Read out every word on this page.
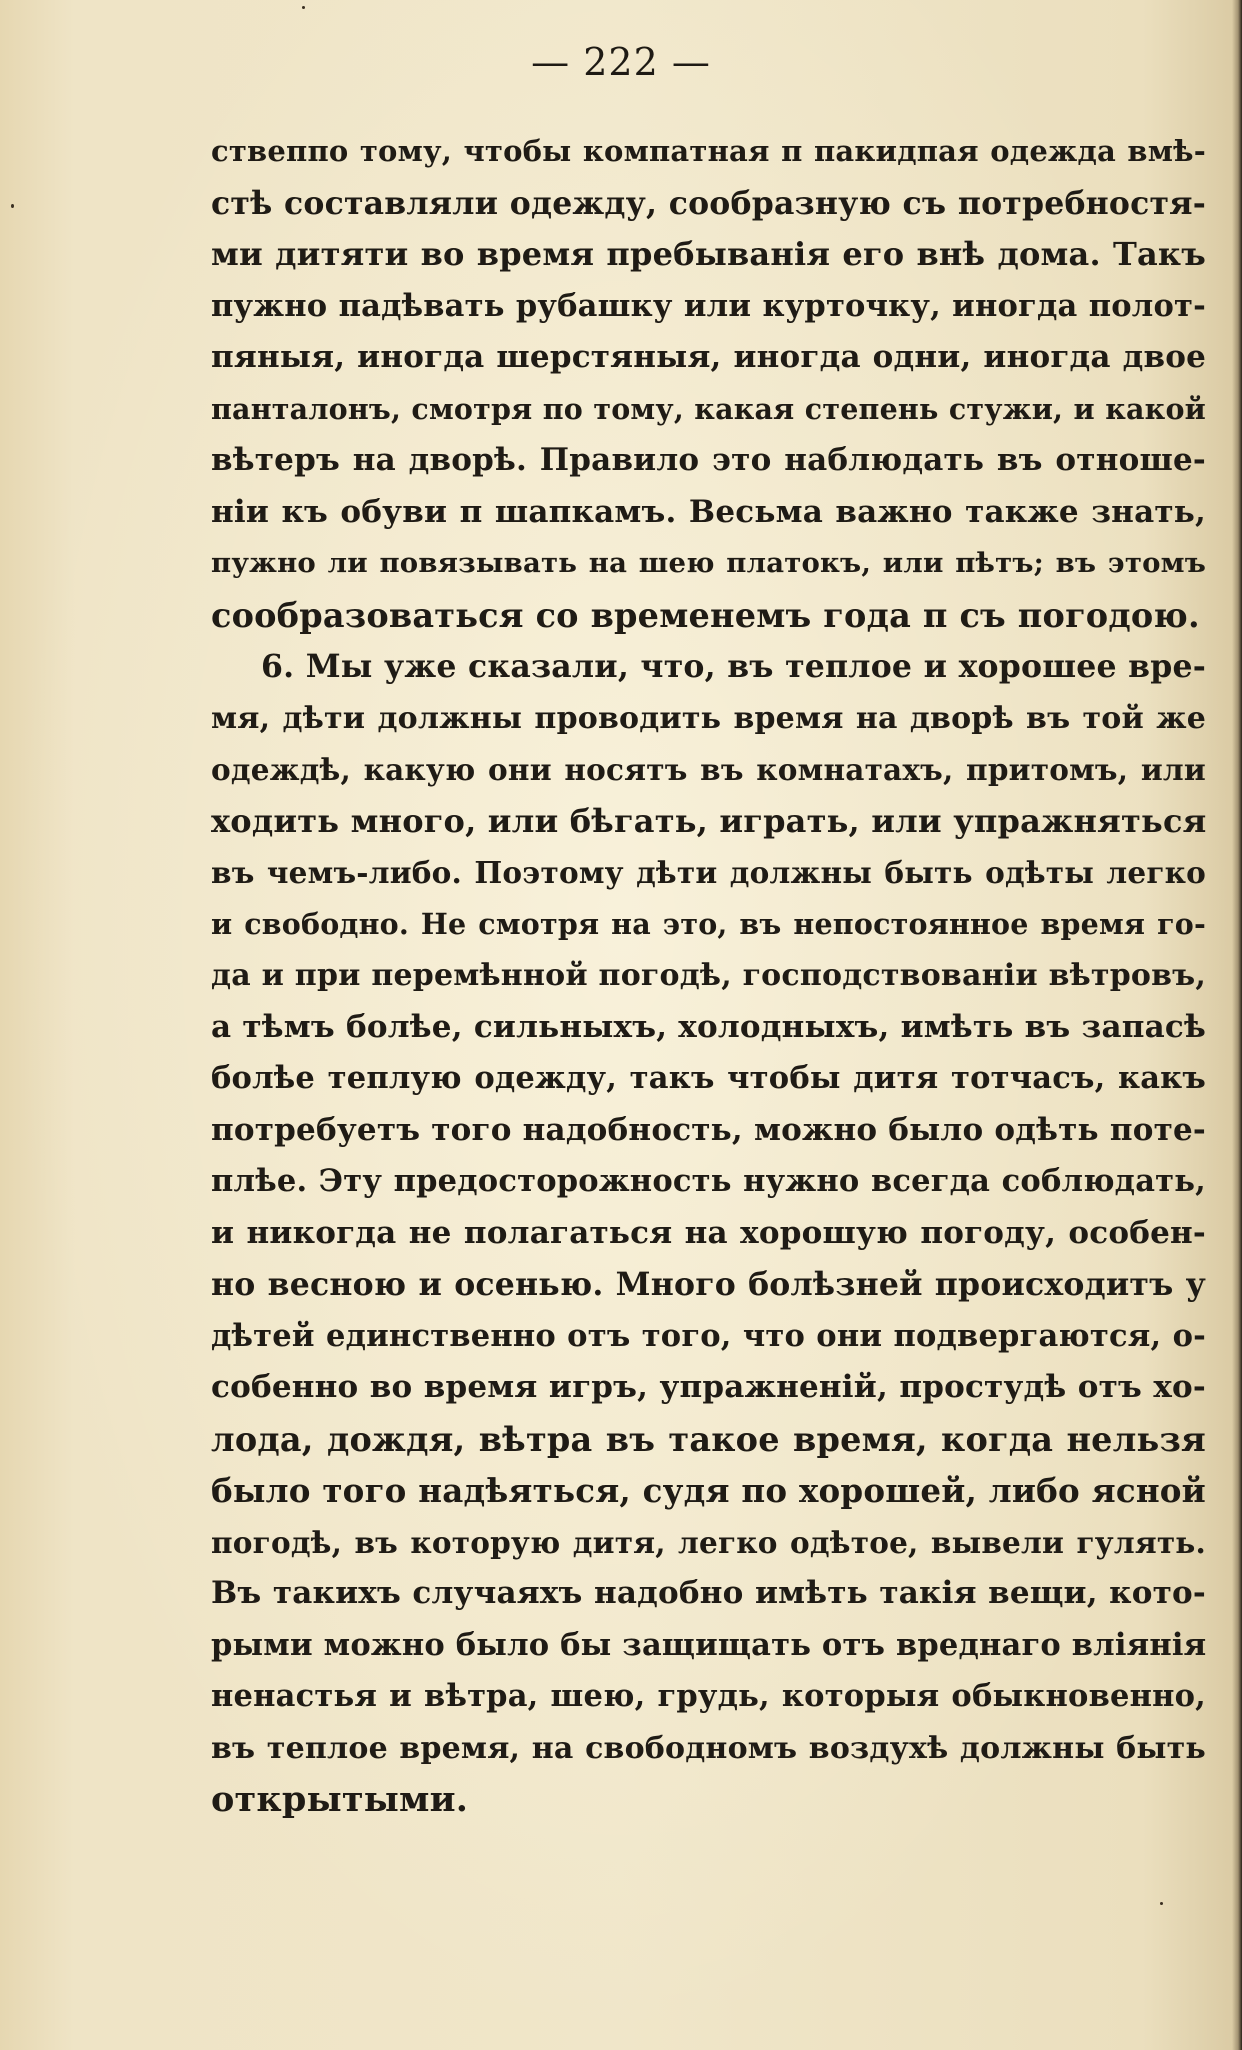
— 222 —
ствеппо тому, чтобы компатная п пакидпая одежда вмѣ-
стѣ составляли одежду, сообразную съ потребностя-
ми дитяти во время пребыванія его внѣ дома. Такъ
пужно падѣвать рубашку или курточку, иногда полот-
пяныя, иногда шерстяныя, иногда одни, иногда двое
панталонъ, смотря по тому, какая степень стужи, и какой
вѣтеръ на дворѣ. Правило это наблюдать въ отноше-
ніи къ обуви п шапкамъ. Весьма важно также знать,
пужно ли повязывать на шею платокъ, или пѣтъ; въ этомъ
сообразоваться со временемъ года п съ погодою.
6. Мы уже сказали, что, въ теплое и хорошее вре-
мя, дѣти должны проводить время на дворѣ въ той же
одеждѣ, какую они носятъ въ комнатахъ, притомъ, или
ходить много, или бѣгать, играть, или упражняться
въ чемъ-либо. Поэтому дѣти должны быть одѣты легко
и свободно. Не смотря на это, въ непостоянное время го-
да и при перемѣнной погодѣ, господствованіи вѣтровъ,
а тѣмъ болѣе, сильныхъ, холодныхъ, имѣть въ запасѣ
болѣе теплую одежду, такъ чтобы дитя тотчасъ, какъ
потребуетъ того надобность, можно было одѣть поте-
плѣе. Эту предосторожность нужно всегда соблюдать,
и никогда не полагаться на хорошую погоду, особен-
но весною и осенью. Много болѣзней происходитъ у
дѣтей единственно отъ того, что они подвергаются, о-
собенно во время игръ, упражненій, простудѣ отъ хо-
лода, дождя, вѣтра въ такое время, когда нельзя
было того надѣяться, судя по хорошей, либо ясной
погодѣ, въ которую дитя, легко одѣтое, вывели гулять.
Въ такихъ случаяхъ надобно имѣть такія вещи, кото-
рыми можно было бы защищать отъ вреднаго вліянія
ненастья и вѣтра, шею, грудь, которыя обыкновенно,
въ теплое время, на свободномъ воздухѣ должны быть
открытыми.
